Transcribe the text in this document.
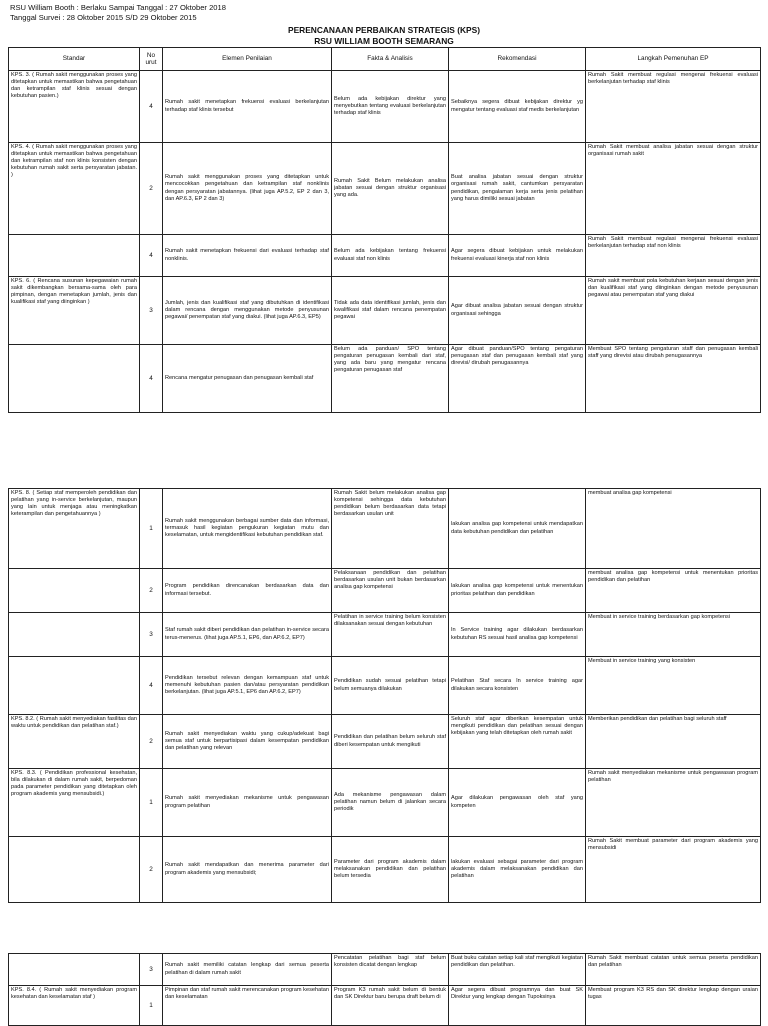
RSU William Booth : Berlaku Sampai Tanggal : 27 Oktober 2018
Tanggal Survei : 28 Oktober 2015 S/D 29 Oktober 2015
PERENCANAAN PERBAIKAN STRATEGIS (KPS)
RSU WILLIAM BOOTH SEMARANG
Standar	No urut	Elemen Penilaian	Fakta & Analisis	Rekomendasi	Langkah Pemenuhan EP
KPS. 3. ( Rumah sakit menggunakan proses yang ditetapkan untuk memastikan bahwa pengetahuan dan ketrampilan staf klinis sesuai dengan kebutuhan pasien.)	4	Rumah sakit menetapkan frekuensi evaluasi berkelanjutan terhadap staf klinis tersebut	Belum ada kebijakan direktur yang menyebutkan tentang evaluasi berkelanjutan terhadap staf klinis	Sebaiknya segera dibuat kebijakan direktur yg mengatur tentang evaluasi staf medis berkelanjutan	Rumah Sakit membuat regulasi mengenai frekuensi evaluasi berkelanjutan terhadap staf klinis
KPS. 4. ( Rumah sakit menggunakan proses yang ditetapkan untuk memastikan bahwa pengetahuan dan ketrampilan staf non klinis konsisten dengan kebutuhan rumah sakit serta persyaratan jabatan. )	2	Rumah sakit menggunakan proses yang ditetapkan untuk mencocokkan pengetahuan dan ketrampilan staf nonklinis dengan persyaratan jabatannya. (lihat juga AP.5.2, EP 2 dan 3, dan AP.6.3, EP 2 dan 3)	Rumah Sakit Belum melakukan analisa jabatan sesuai dengan struktur organisasi yang ada.	Buat analisa jabatan sesuai dengan struktur organisasi rumah sakit, cantumkan persyaratan pendidikan, pengalaman kerja serta jenis pelatihan yang harus dimiliki sesuai jabatan	Rumah Sakit membuat analisa jabatan sesuai dengan struktur organisasi rumah sakit
	4	Rumah sakit menetapkan frekuensi dari evaluasi terhadap staf nonklinis.	Belum ada kebijakan tentang frekuensi evaluasi staf non klinis	Agar segera dibuat kebijakan untuk melakukan frekuensi evaluasi kinerja staf non klinis	Rumah Sakit membuat regulasi mengenai frekuensi evaluasi berkelanjutan terhadap staf non klinis
KPS. 6. ( Rencana susunan kepegawaian rumah sakit dikembangkan bersama-sama oleh para pimpinan, dengan menetapkan jumlah, jenis dan kualifikasi staf yang diinginkan )	3	Jumlah, jenis dan kualifikasi staf yang dibutuhkan di identifikasi dalam rencana dengan menggunakan metode penyusunan pegawai/ penempatan staf yang diakui. (lihat juga AP.6.3, EP5)	Tidak ada data identifikasi jumlah, jenis dan kwalifikasi staf dalam rencana penempatan pegawai	Agar dibuat analisa jabatan sesuai dengan struktur organisasi sehingga	Rumah sakit membuat pola kebutuhan kerjaan sesuai dengan jenis dan kualifikasi staf yang diinginkan dengan metode penyusunan pegawai atau penempatan staf yang diakui
	4	Rencana mengatur penugasan dan penugasan kembali staf	Belum ada panduan/ SPO tentang pengaturan penugasan kembali dari staf, yang ada baru yang mengatur rencana pengaturan penugasan staf	Agar dibuat panduan/SPO tentang pengaturan penugasan staf dan penugasan kembali staf yang direvisi/ dirubah penugasannya	Membuat SPO tentang pengaturan staff dan penugasan kembali staff yang direvisi atau dirubah penugasannya
KPS. 8. ( Setiap staf memperoleh pendidikan dan pelatihan yang in-service berkelanjutan, maupun yang lain untuk menjaga atau meningkatkan keterampilan dan pengetahuannya )	1	Rumah sakit menggunakan berbagai sumber data dan informasi, termasuk hasil kegiatan pengukuran kegiatan mutu dan keselamatan, untuk mengidentifikasi kebutuhan pendidikan staf.	Rumah Sakit belum melakukan analisa gap kompetensi sehingga data kebutuhan pendidikan belum berdasarkan data tetapi berdasarkan usulan unit	lakukan analisa gap kompetensi untuk mendapatkan data kebutuhan pendidikan dan pelatihan	membuat analisa gap kompetensi
	2	Program pendidikan direncanakan berdasarkan data dan informasi tersebut.	Pelaksanaan pendidikan dan pelatihan berdasarkan usulan unit bukan berdasarkan analisa gap kompetensi	lakukan analisa gap kompetensi untuk menentukan prioritas pelatihan dan pendidikan	membuat analisa gap kompetensi untuk menentukan prioritas pendidikan dan pelatihan
	3	Staf rumah sakit diberi pendidikan dan pelatihan in-service secara terus-menerus. (lihat juga AP.5.1, EP6, dan AP.6.2, EP7)	Pelatihan in service training belum konsisten dilaksanakan sesuai dengan kebutuhan	In Service training agar dilakukan berdasarkan kebutuhan RS sesuai hasil analisa gap kompetensi	Membuat in service training berdasarkan gap kompetensi
	4	Pendidikan tersebut relevan dengan kemampuan staf untuk memenuhi kebutuhan pasien dan/atau persyaratan pendidikan berkelanjutan. (lihat juga AP.5.1, EP6 dan AP.6.2, EP7)	Pendidikan sudah sesuai pelatihan tetapi belum semuanya dilakukan	Pelatihan Staf secara In service training agar dilakukan secara konsisten	Membuat in service training yang konsisten
KPS. 8.2. ( Rumah sakit menyediakan fasilitas dan waktu untuk pendidikan dan pelatihan staf.)	2	Rumah sakit menyediakan waktu yang cukup/adekuat bagi semua staf untuk berpartisipasi dalam kesempatan pendidikan dan pelatihan yang relevan	Pendidikan dan pelatihan belum seluruh staf diberi kesempatan untuk mengikuti	Seluruh staf agar diberikan kesempatan untuk mengikuti pendidikan dan pelatihan sesuai dengan kebijakan yang telah ditetapkan oleh rumah sakit	Memberikan pendidikan dan pelatihan bagi seluruh staff
KPS. 8.3. ( Pendidikan professional kesehatan, bila dilakukan di dalam rumah sakit, berpedoman pada parameter pendidikan yang ditetapkan oleh program akademis yang mensubsidi.)	1	Rumah sakit menyediakan mekanisme untuk pengawasan program pelatihan	Ada mekanisme pengawasan dalam pelatihan namun belum di jalankan secara periodik	Agar dilakukan pengawasan oleh staf yang kompeten	Rumah sakit menyediakan mekanisme untuk pengawasan program pelatihan
	2	Rumah sakit mendapatkan dan menerima parameter dari program akademis yang mensubsidi;	Parameter dari program akademis dalam melaksanakan pendidikan dan pelatihan belum tersedia	lakukan evaluasi sebagai parameter dari program akademis dalam melaksanakan pendidikan dan pelatihan	Rumah Sakit membuat parameter dari program akademis yang mensubsidi
	3	Rumah sakit memiliki catatan lengkap dari semua peserta pelatihan di dalam rumah sakit	Pencatatan pelatihan bagi staf belum konsisten dicatat dengan lengkap	Buat buku catatan setiap kali staf mengikuti kegiatan pendidikan dan pelatihan.	Rumah Sakit membuat catatan untuk semua peserta pendidikan dan pelatihan
KPS. 8.4. ( Rumah sakit menyediakan program kesehatan dan keselamatan staf )	1	Pimpinan dan staf rumah sakit merencanakan program kesehatan dan keselamatan	Program K3 rumah sakit belum di bentuk dan SK Direktur baru berupa draft belum di	Agar segera dibuat programnya dan buat SK Direktur yang lengkap dengan Tupoksinya	Membuat program K3 RS dan SK direktur lengkap dengan uraian tugas
